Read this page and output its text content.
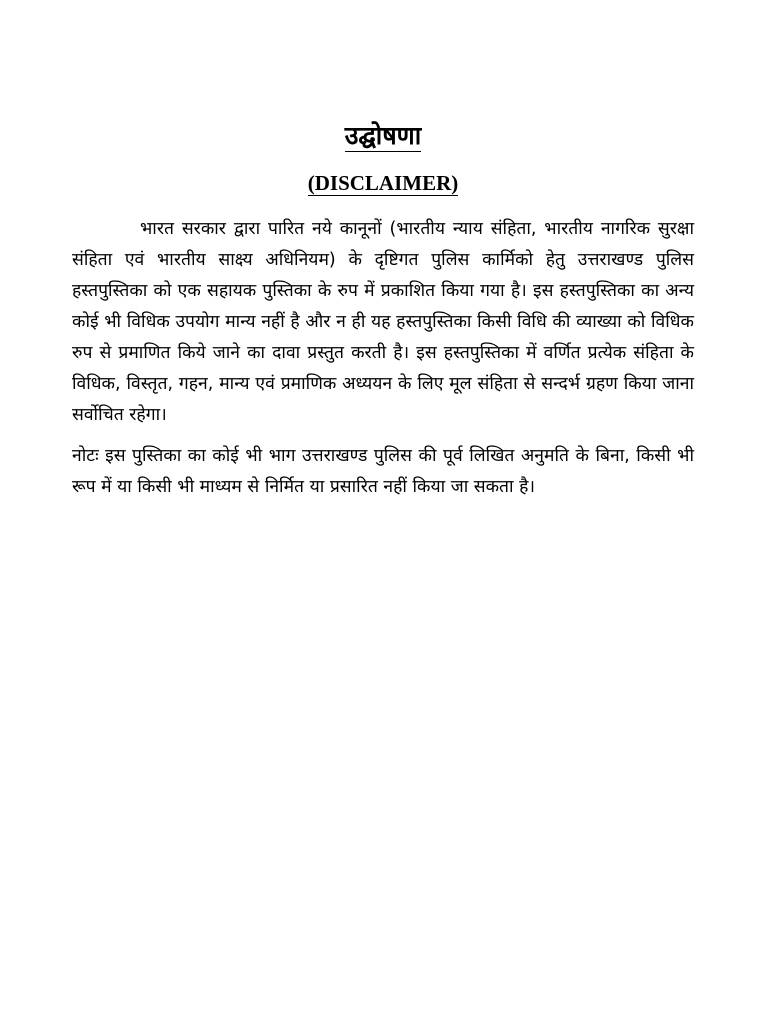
उद्घोषणा
(DISCLAIMER)

भारत सरकार द्वारा पारित नये कानूनों (भारतीय न्याय संहिता, भारतीय नागरिक सुरक्षा संहिता एवं भारतीय साक्ष्य अधिनियम) के दृष्टिगत पुलिस कार्मिको हेतु उत्तराखण्ड पुलिस हस्तपुस्तिका को एक सहायक पुस्तिका के रुप में प्रकाशित किया गया है। इस हस्तपुस्तिका का अन्य कोई भी विधिक उपयोग मान्य नहीं है और न ही यह हस्तपुस्तिका किसी विधि की व्याख्या को विधिक रुप से प्रमाणित किये जाने का दावा प्रस्तुत करती है। इस हस्तपुस्तिका में वर्णित प्रत्येक संहिता के विधिक, विस्तृत, गहन, मान्य एवं प्रमाणिक अध्ययन के लिए मूल संहिता से सन्दर्भ ग्रहण किया जाना सर्वोचित रहेगा।

नोटः इस पुस्तिका का कोई भी भाग उत्तराखण्ड पुलिस की पूर्व लिखित अनुमति के बिना, किसी भी रूप में या किसी भी माध्यम से निर्मित या प्रसारित नहीं किया जा सकता है।
